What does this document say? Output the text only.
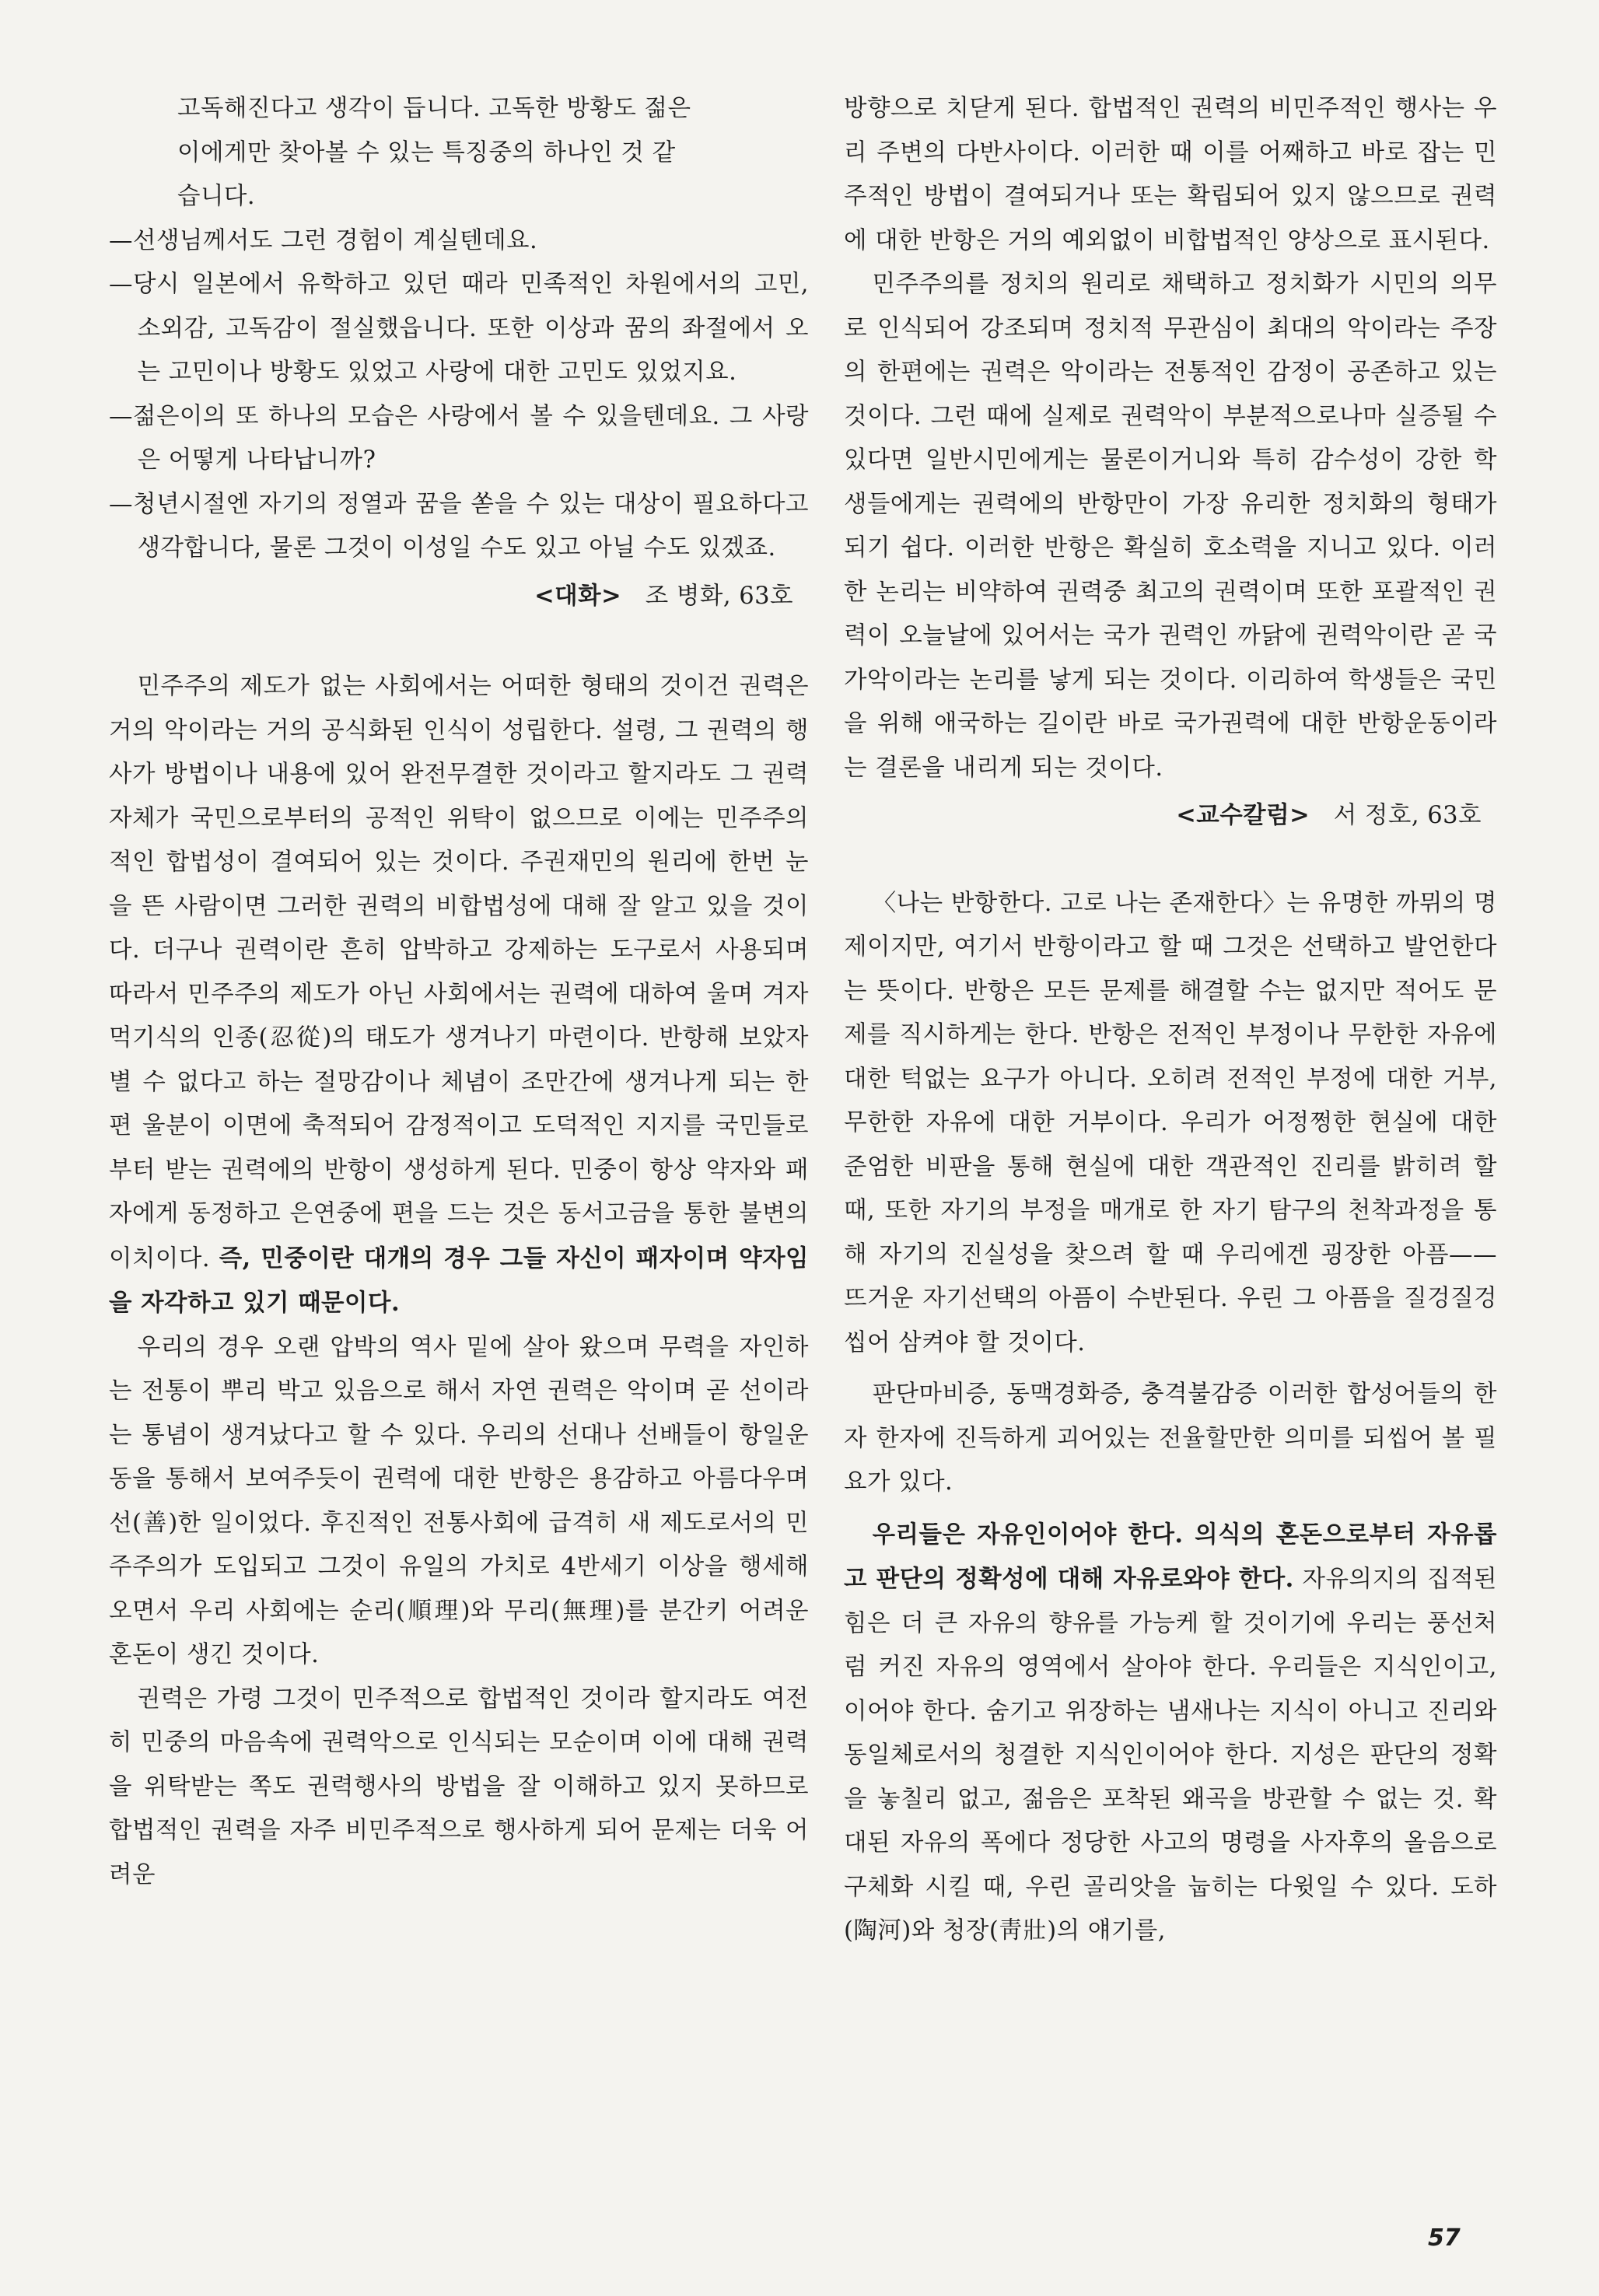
고독해진다고 생각이 듭니다. 고독한 방황도 젊은
이에게만 찾아볼 수 있는 특징중의 하나인 것 같
습니다.

—선생님께서도 그런 경험이 계실텐데요.

—당시 일본에서 유학하고 있던 때라 민족적인 차원에서의 고민, 소외감, 고독감이 절실했읍니다. 또한 이상과 꿈의 좌절에서 오는 고민이나 방황도 있었고 사랑에 대한 고민도 있었지요.

—젊은이의 또 하나의 모습은 사랑에서 볼 수 있을텐데요. 그 사랑은 어떻게 나타납니까?

—청년시절엔 자기의 정열과 꿈을 쏟을 수 있는 대상이 필요하다고 생각합니다, 물론 그것이 이성일 수도 있고 아닐 수도 있겠죠.

<대화> 조 병화, 63호

민주주의 제도가 없는 사회에서는 어떠한 형태의 것이건 권력은 거의 악이라는 거의 공식화된 인식이 성립한다. 설령, 그 권력의 행사가 방법이나 내용에 있어 완전무결한 것이라고 할지라도 그 권력자체가 국민으로부터의 공적인 위탁이 없으므로 이에는 민주주의적인 합법성이 결여되어 있는 것이다. 주권재민의 원리에 한번 눈을 뜬 사람이면 그러한 권력의 비합법성에 대해 잘 알고 있을 것이다. 더구나 권력이란 흔히 압박하고 강제하는 도구로서 사용되며 따라서 민주주의 제도가 아닌 사회에서는 권력에 대하여 울며 겨자먹기식의 인종(忍從)의 태도가 생겨나기 마련이다. 반항해 보았자 별 수 없다고 하는 절망감이나 체념이 조만간에 생겨나게 되는 한편 울분이 이면에 축적되어 감정적이고 도덕적인 지지를 국민들로부터 받는 권력에의 반항이 생성하게 된다. 민중이 항상 약자와 패자에게 동정하고 은연중에 편을 드는 것은 동서고금을 통한 불변의 이치이다. 즉, 민중이란 대개의 경우 그들 자신이 패자이며 약자임을 자각하고 있기 때문이다.

우리의 경우 오랜 압박의 역사 밑에 살아 왔으며 무력을 자인하는 전통이 뿌리 박고 있음으로 해서 자연 권력은 악이며 곧 선이라는 통념이 생겨났다고 할 수 있다. 우리의 선대나 선배들이 항일운동을 통해서 보여주듯이 권력에 대한 반항은 용감하고 아름다우며 선(善)한 일이었다. 후진적인 전통사회에 급격히 새 제도로서의 민주주의가 도입되고 그것이 유일의 가치로 4반세기 이상을 행세해오면서 우리 사회에는 순리(順理)와 무리(無理)를 분간키 어려운 혼돈이 생긴 것이다.

권력은 가령 그것이 민주적으로 합법적인 것이라 할지라도 여전히 민중의 마음속에 권력악으로 인식되는 모순이며 이에 대해 권력을 위탁받는 쪽도 권력행사의 방법을 잘 이해하고 있지 못하므로 합법적인 권력을 자주 비민주적으로 행사하게 되어 문제는 더욱 어려운

방향으로 치닫게 된다. 합법적인 권력의 비민주적인 행사는 우리 주변의 다반사이다. 이러한 때 이를 어째하고 바로 잡는 민주적인 방법이 결여되거나 또는 확립되어 있지 않으므로 권력에 대한 반항은 거의 예외없이 비합법적인 양상으로 표시된다.

민주주의를 정치의 원리로 채택하고 정치화가 시민의 의무로 인식되어 강조되며 정치적 무관심이 최대의 악이라는 주장의 한편에는 권력은 악이라는 전통적인 감정이 공존하고 있는 것이다. 그런 때에 실제로 권력악이 부분적으로나마 실증될 수 있다면 일반시민에게는 물론이거니와 특히 감수성이 강한 학생들에게는 권력에의 반항만이 가장 유리한 정치화의 형태가 되기 쉽다. 이러한 반항은 확실히 호소력을 지니고 있다. 이러한 논리는 비약하여 권력중 최고의 권력이며 또한 포괄적인 권력이 오늘날에 있어서는 국가 권력인 까닭에 권력악이란 곧 국가악이라는 논리를 낳게 되는 것이다. 이리하여 학생들은 국민을 위해 애국하는 길이란 바로 국가권력에 대한 반항운동이라는 결론을 내리게 되는 것이다.

<교수칼럼> 서 정호, 63호

〈나는 반항한다. 고로 나는 존재한다〉는 유명한 까뮈의 명제이지만, 여기서 반항이라고 할 때 그것은 선택하고 발언한다는 뜻이다. 반항은 모든 문제를 해결할 수는 없지만 적어도 문제를 직시하게는 한다. 반항은 전적인 부정이나 무한한 자유에 대한 턱없는 요구가 아니다. 오히려 전적인 부정에 대한 거부, 무한한 자유에 대한 거부이다. 우리가 어정쩡한 현실에 대한 준엄한 비판을 통해 현실에 대한 객관적인 진리를 밝히려 할 때, 또한 자기의 부정을 매개로 한 자기 탐구의 천착과정을 통해 자기의 진실성을 찾으려 할 때 우리에겐 굉장한 아픔—— 뜨거운 자기선택의 아픔이 수반된다. 우린 그 아픔을 질겅질겅 씹어 삼켜야 할 것이다.

판단마비증, 동맥경화증, 충격불감증 이러한 합성어들의 한자 한자에 진득하게 괴어있는 전율할만한 의미를 되씹어 볼 필요가 있다.

우리들은 자유인이어야 한다. 의식의 혼돈으로부터 자유롭고 판단의 정확성에 대해 자유로와야 한다. 자유의지의 집적된 힘은 더 큰 자유의 향유를 가능케 할 것이기에 우리는 풍선처럼 커진 자유의 영역에서 살아야 한다. 우리들은 지식인이고, 이어야 한다. 숨기고 위장하는 냄새나는 지식이 아니고 진리와 동일체로서의 청결한 지식인이어야 한다. 지성은 판단의 정확을 놓칠리 없고, 젊음은 포착된 왜곡을 방관할 수 없는 것. 확대된 자유의 폭에다 정당한 사고의 명령을 사자후의 올음으로 구체화 시킬 때, 우린 골리앗을 눕히는 다윗일 수 있다. 도하(陶河)와 청장(靑壯)의 얘기를,

57
